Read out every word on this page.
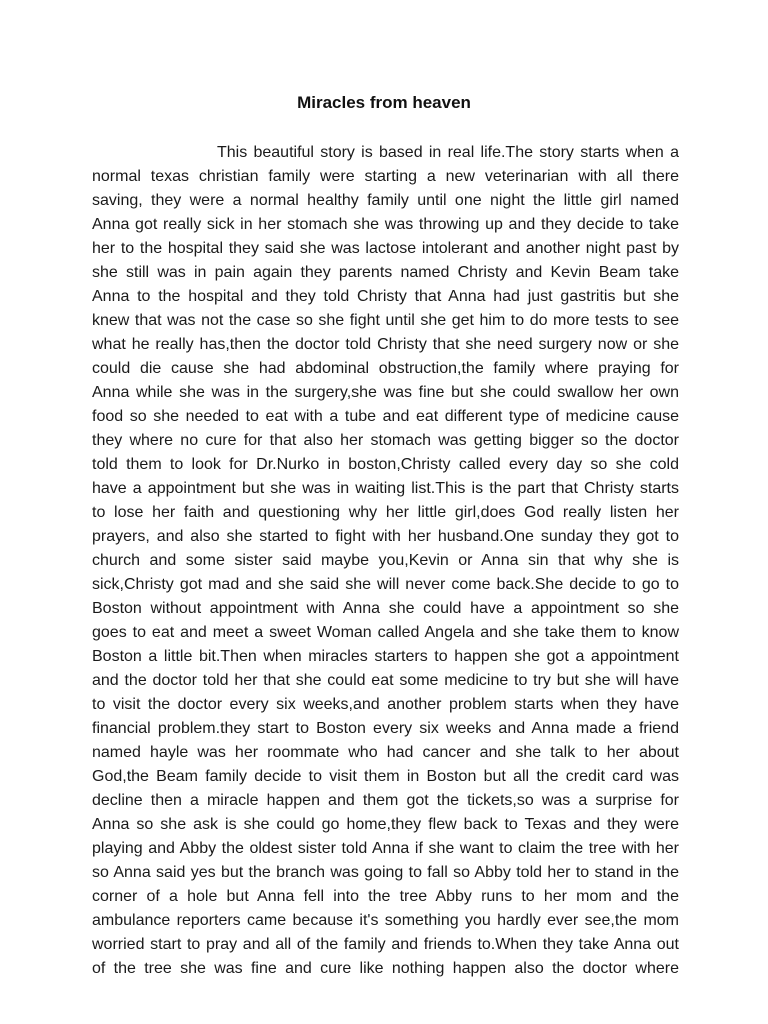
Miracles from heaven
This beautiful story is based in real life.The story starts when a
normal texas christian family were starting a new veterinarian with all there
saving, they were a normal healthy family until one night the little girl named
Anna got really sick in her stomach she was throwing up and they decide to take
her to the hospital they said she was lactose intolerant and another night past by
she still was in pain again they parents named Christy and Kevin Beam take
Anna to the hospital and they told Christy that Anna had just gastritis but she
knew that was not the case so she fight until she get him to do more tests to see
what he really has,then the doctor told Christy that she need surgery now or she
could die cause she had abdominal obstruction,the family where praying for
Anna while she was in the surgery,she was fine but she could swallow her own
food so she needed to eat with a tube and eat different type of medicine cause
they where no cure for that also her stomach was getting bigger so the doctor
told them to look for Dr.Nurko in boston,Christy called every day so she cold
have a appointment but she was in waiting list.This is the part that Christy starts
to lose her faith and questioning why her little girl,does God really listen her
prayers, and also she started to fight with her husband.One sunday they got to
church and some sister said maybe you,Kevin or Anna sin that why she is
sick,Christy got mad and she said she will never come back.She decide to go to
Boston without appointment with Anna she could have a appointment so she
goes to eat and meet a sweet Woman called Angela and she take them to know
Boston a little bit.Then when miracles starters to happen she got a appointment
and the doctor told her that she could eat some medicine to try but she will have
to visit the doctor every six weeks,and another problem starts when they have
financial problem.they start to Boston every six weeks and Anna made a friend
named hayle was her roommate who had cancer and she talk to her about
God,the Beam family decide to visit them in Boston but all the credit card was
decline then a miracle happen and them got the tickets,so was a surprise for
Anna so she ask is she could go home,they flew back to Texas and they were
playing and Abby the oldest sister told Anna if she want to claim the tree with her
so Anna said yes but the branch was going to fall so Abby told her to stand in the
corner of a hole but Anna fell into the tree Abby runs to her mom and the
ambulance reporters came because it's something you hardly ever see,the mom
worried start to pray and all of the family and friends to.When they take Anna out
of the tree she was fine and cure like nothing happen also the doctor where
